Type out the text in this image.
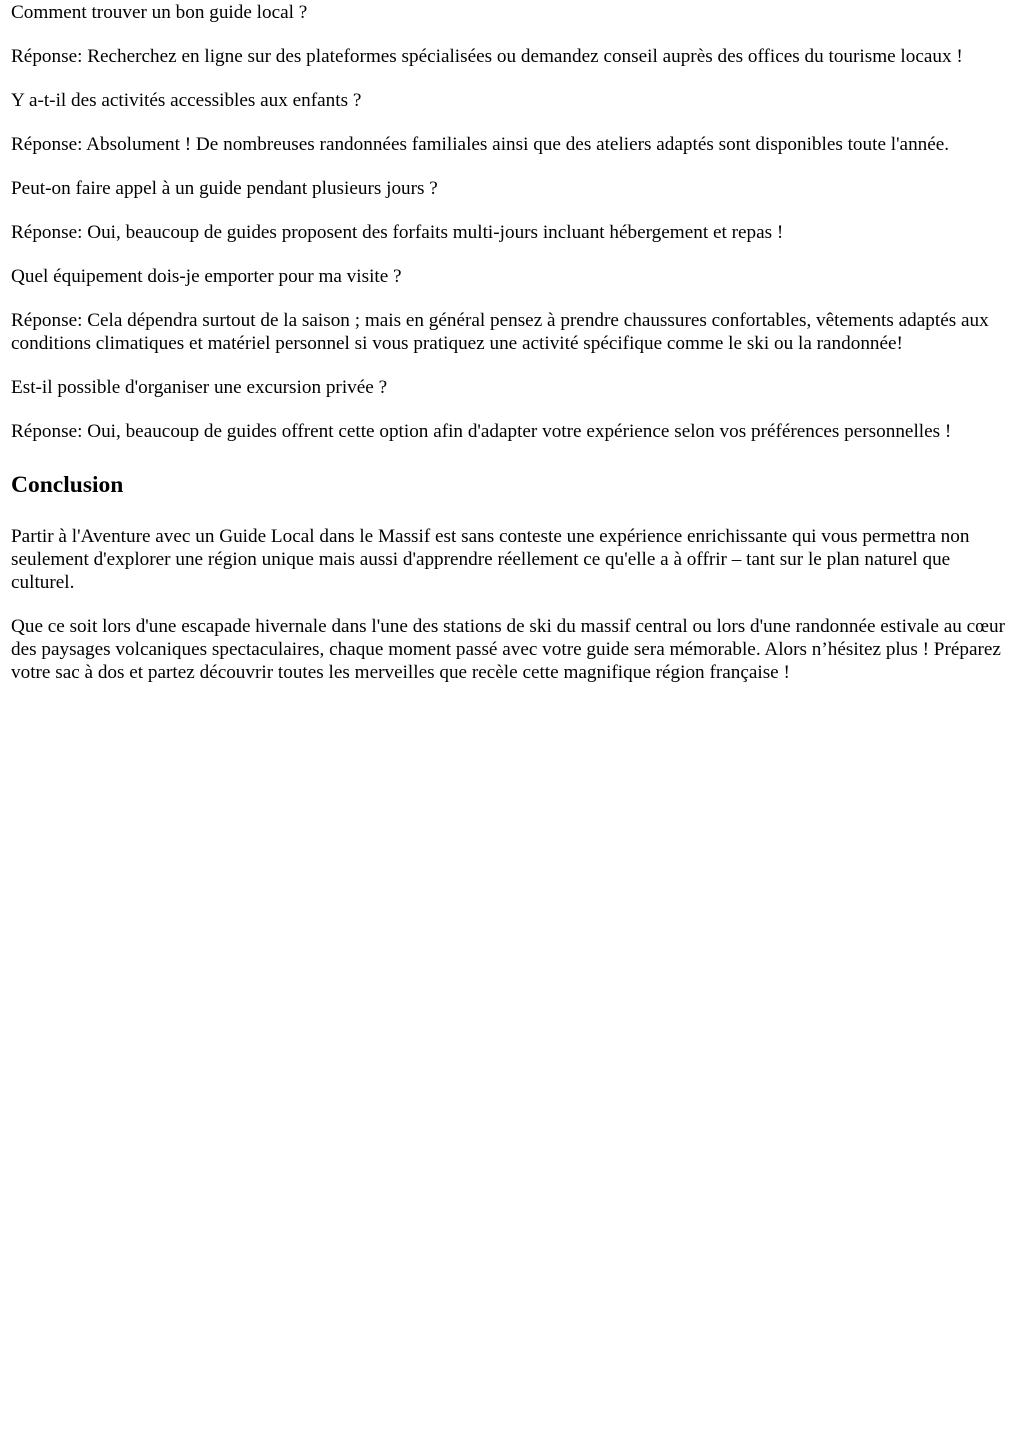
Comment trouver un bon guide local ?

Réponse: Recherchez en ligne sur des plateformes spécialisées ou demandez conseil auprès des offices du tourisme locaux !

Y a-t-il des activités accessibles aux enfants ?

Réponse: Absolument ! De nombreuses randonnées familiales ainsi que des ateliers adaptés sont disponibles toute l'année.

Peut-on faire appel à un guide pendant plusieurs jours ?

Réponse: Oui, beaucoup de guides proposent des forfaits multi-jours incluant hébergement et repas !

Quel équipement dois-je emporter pour ma visite ?

Réponse: Cela dépendra surtout de la saison ; mais en général pensez à prendre chaussures confortables, vêtements adaptés aux conditions climatiques et matériel personnel si vous pratiquez une activité spécifique comme le ski ou la randonnée!

Est-il possible d'organiser une excursion privée ?

Réponse: Oui, beaucoup de guides offrent cette option afin d'adapter votre expérience selon vos préférences personnelles !

Conclusion

Partir à l'Aventure avec un Guide Local dans le Massif est sans conteste une expérience enrichissante qui vous permettra non seulement d'explorer une région unique mais aussi d'apprendre réellement ce qu'elle a à offrir – tant sur le plan naturel que culturel.

Que ce soit lors d'une escapade hivernale dans l'une des stations de ski du massif central ou lors d'une randonnée estivale au cœur des paysages volcaniques spectaculaires, chaque moment passé avec votre guide sera mémorable. Alors n’hésitez plus ! Préparez votre sac à dos et partez découvrir toutes les merveilles que recèle cette magnifique région française !
